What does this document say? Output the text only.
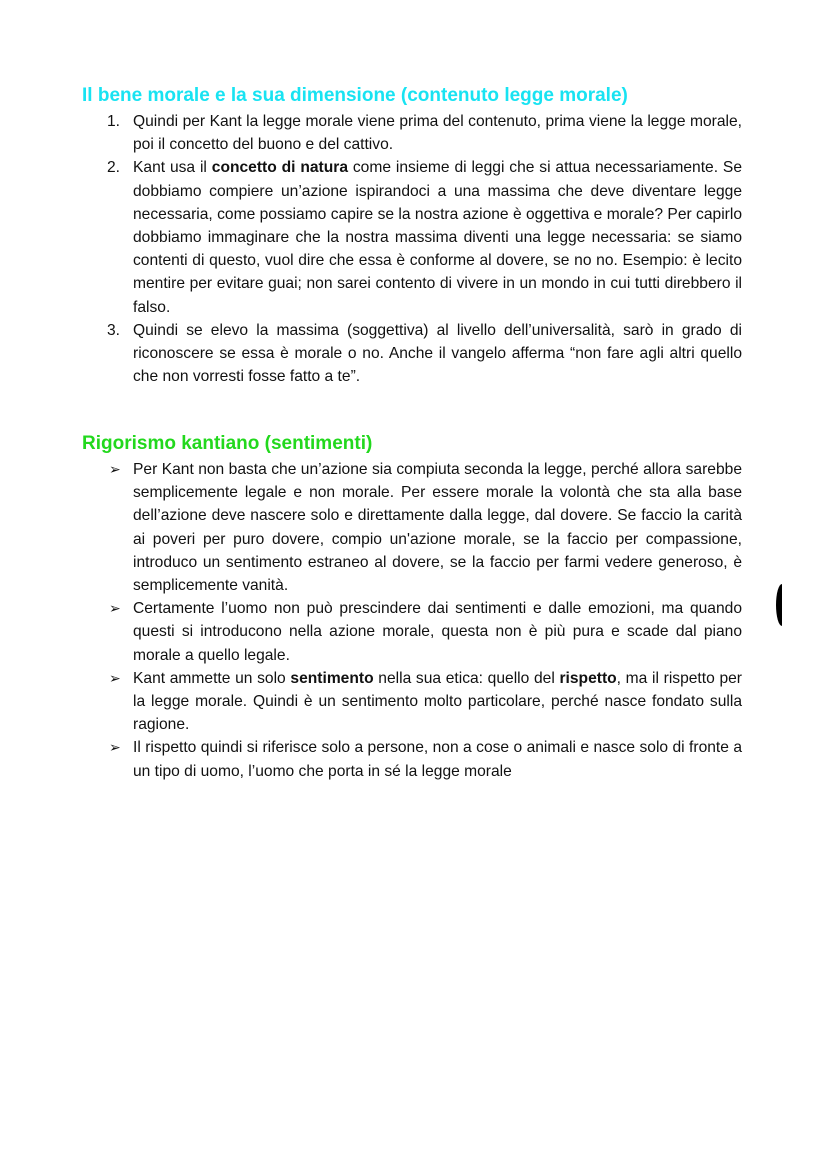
Il bene morale e la sua dimensione (contenuto legge morale)
1. Quindi per Kant la legge morale viene prima del contenuto, prima viene la legge morale, poi il concetto del buono e del cattivo.
2. Kant usa il concetto di natura come insieme di leggi che si attua necessariamente. Se dobbiamo compiere un’azione ispirandoci a una massima che deve diventare legge necessaria, come possiamo capire se la nostra azione è oggettiva e morale? Per capirlo dobbiamo immaginare che la nostra massima diventi una legge necessaria: se siamo contenti di questo, vuol dire che essa è conforme al dovere, se no no. Esempio: è lecito mentire per evitare guai; non sarei contento di vivere in un mondo in cui tutti direbbero il falso.
3. Quindi se elevo la massima (soggettiva) al livello dell’universalità, sarò in grado di riconoscere se essa è morale o no. Anche il vangelo afferma “non fare agli altri quello che non vorresti fosse fatto a te”.
Rigorismo kantiano (sentimenti)
➢ Per Kant non basta che un’azione sia compiuta seconda la legge, perché allora sarebbe semplicemente legale e non morale. Per essere morale la volontà che sta alla base dell’azione deve nascere solo e direttamente dalla legge, dal dovere. Se faccio la carità ai poveri per puro dovere, compio un'azione morale, se la faccio per compassione, introduco un sentimento estraneo al dovere, se la faccio per farmi vedere generoso, è semplicemente vanità.
➢ Certamente l’uomo non può prescindere dai sentimenti e dalle emozioni, ma quando questi si introducono nella azione morale, questa non è più pura e scade dal piano morale a quello legale.
➢ Kant ammette un solo sentimento nella sua etica: quello del rispetto, ma il rispetto per la legge morale. Quindi è un sentimento molto particolare, perché nasce fondato sulla ragione.
➢ Il rispetto quindi si riferisce solo a persone, non a cose o animali e nasce solo di fronte a un tipo di uomo, l’uomo che porta in sé la legge morale
